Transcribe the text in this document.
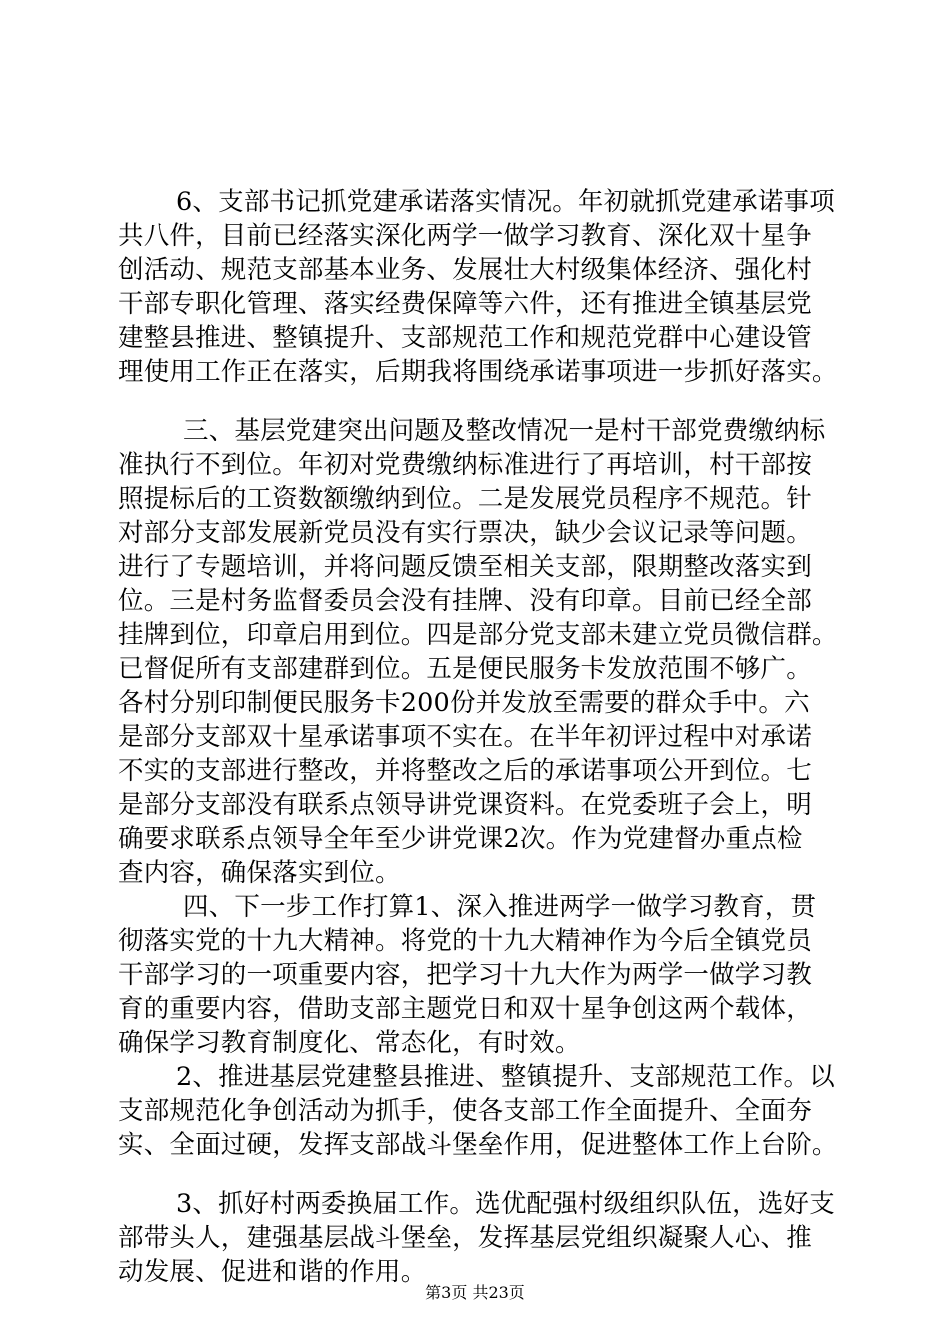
6、支部书记抓党建承诺落实情况。年初就抓党建承诺事项
共八件，目前已经落实深化两学一做学习教育、深化双十星争
创活动、规范支部基本业务、发展壮大村级集体经济、强化村
干部专职化管理、落实经费保障等六件，还有推进全镇基层党
建整县推进、整镇提升、支部规范工作和规范党群中心建设管
理使用工作正在落实，后期我将围绕承诺事项进一步抓好落实。
三、基层党建突出问题及整改情况一是村干部党费缴纳标
准执行不到位。年初对党费缴纳标准进行了再培训，村干部按
照提标后的工资数额缴纳到位。二是发展党员程序不规范。针
对部分支部发展新党员没有实行票决，缺少会议记录等问题。
进行了专题培训，并将问题反馈至相关支部，限期整改落实到
位。三是村务监督委员会没有挂牌、没有印章。目前已经全部
挂牌到位，印章启用到位。四是部分党支部未建立党员微信群。
已督促所有支部建群到位。五是便民服务卡发放范围不够广。
各村分别印制便民服务卡200份并发放至需要的群众手中。六
是部分支部双十星承诺事项不实在。在半年初评过程中对承诺
不实的支部进行整改，并将整改之后的承诺事项公开到位。七
是部分支部没有联系点领导讲党课资料。在党委班子会上，明
确要求联系点领导全年至少讲党课2次。作为党建督办重点检
查内容，确保落实到位。
四、下一步工作打算1、深入推进两学一做学习教育，贯
彻落实党的十九大精神。将党的十九大精神作为今后全镇党员
干部学习的一项重要内容，把学习十九大作为两学一做学习教
育的重要内容，借助支部主题党日和双十星争创这两个载体，
确保学习教育制度化、常态化，有时效。
2、推进基层党建整县推进、整镇提升、支部规范工作。以
支部规范化争创活动为抓手，使各支部工作全面提升、全面夯
实、全面过硬，发挥支部战斗堡垒作用，促进整体工作上台阶。
3、抓好村两委换届工作。选优配强村级组织队伍，选好支
部带头人，建强基层战斗堡垒，发挥基层党组织凝聚人心、推
动发展、促进和谐的作用。
第3页 共23页
